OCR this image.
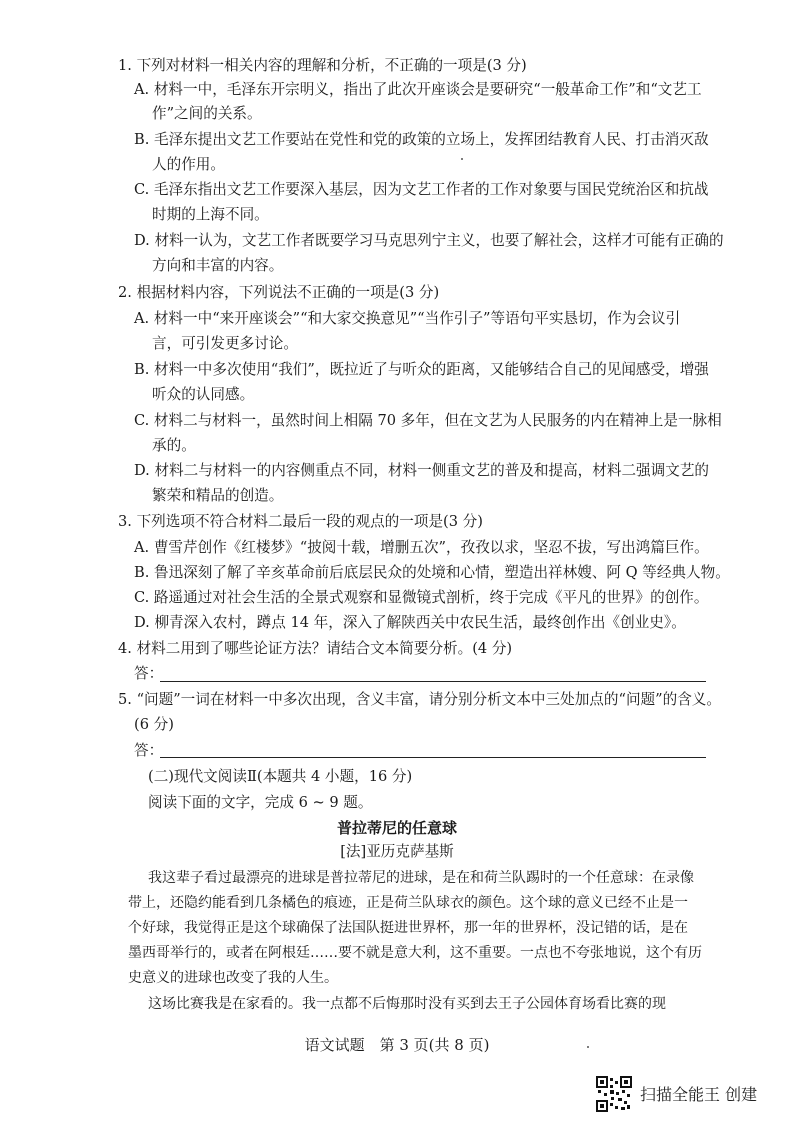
1. 下列对材料一相关内容的理解和分析，不正确的一项是(3 分)
A. 材料一中，毛泽东开宗明义，指出了此次开座谈会是要研究“一般革命工作”和“文艺工
作”之间的关系。
B. 毛泽东提出文艺工作要站在党性和党的政策的立场上，发挥团结教育人民、打击消灭敌
人的作用。
C. 毛泽东指出文艺工作要深入基层，因为文艺工作者的工作对象要与国民党统治区和抗战
时期的上海不同。
D. 材料一认为，文艺工作者既要学习马克思列宁主义，也要了解社会，这样才可能有正确的
方向和丰富的内容。
2. 根据材料内容，下列说法不正确的一项是(3 分)
A. 材料一中“来开座谈会”“和大家交换意见”“当作引子”等语句平实恳切，作为会议引
言，可引发更多讨论。
B. 材料一中多次使用“我们”，既拉近了与听众的距离，又能够结合自己的见闻感受，增强
听众的认同感。
C. 材料二与材料一，虽然时间上相隔 70 多年，但在文艺为人民服务的内在精神上是一脉相
承的。
D. 材料二与材料一的内容侧重点不同，材料一侧重文艺的普及和提高，材料二强调文艺的
繁荣和精品的创造。
3. 下列选项不符合材料二最后一段的观点的一项是(3 分)
A. 曹雪芹创作《红楼梦》“披阅十载，增删五次”，孜孜以求，坚忍不拔，写出鸿篇巨作。
B. 鲁迅深刻了解了辛亥革命前后底层民众的处境和心情，塑造出祥林嫂、阿 Q 等经典人物。
C. 路遥通过对社会生活的全景式观察和显微镜式剖析，终于完成《平凡的世界》的创作。
D. 柳青深入农村，蹲点 14 年，深入了解陕西关中农民生活，最终创作出《创业史》。
4. 材料二用到了哪些论证方法？请结合文本简要分析。(4 分)
答：
5. “问题”一词在材料一中多次出现，含义丰富，请分别分析文本中三处加点的“问题”的含义。
(6 分)
答：
(二)现代文阅读Ⅱ(本题共 4 小题，16 分)
阅读下面的文字，完成 6 ~ 9 题。
普拉蒂尼的任意球
[法]亚历克萨基斯
我这辈子看过最漂亮的进球是普拉蒂尼的进球，是在和荷兰队踢时的一个任意球：在录像
带上，还隐约能看到几条橘色的痕迹，正是荷兰队球衣的颜色。这个球的意义已经不止是一
个好球，我觉得正是这个球确保了法国队挺进世界杯，那一年的世界杯，没记错的话，是在
墨西哥举行的，或者在阿根廷……要不就是意大利，这不重要。一点也不夸张地说，这个有历
史意义的进球也改变了我的人生。
这场比赛我是在家看的。我一点都不后悔那时没有买到去王子公园体育场看比赛的现
语文试题　第 3 页(共 8 页)
扫描全能王 创建
